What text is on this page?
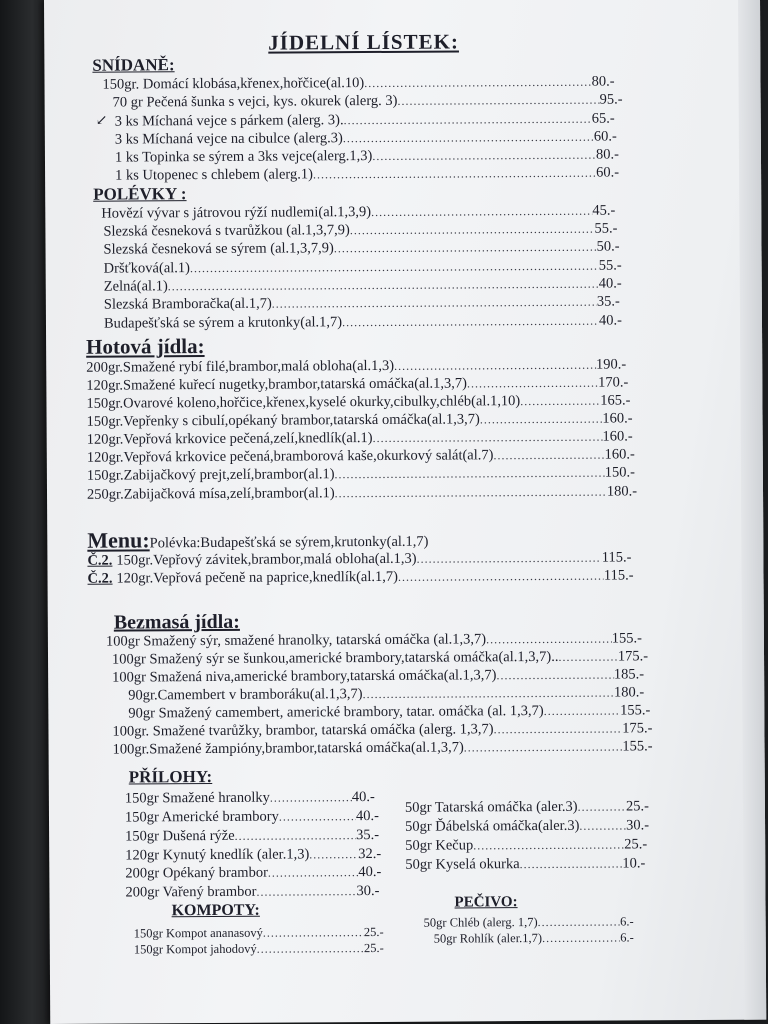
JÍDELNÍ LÍSTEK:
SNÍDANĚ:
↙
150gr. Domácí klobása,křenex,hořčice(al.10) .....	80.-
70 gr Pečená šunka s vejci, kys. okurek (alerg. 3) .....	95.-
3 ks Míchaná vejce s párkem (alerg. 3). .....	65.-
3 ks Míchaná vejce na cibulce (alerg.3) .....	60.-
1 ks Topinka se sýrem a 3ks vejce(alerg.1,3) .....	80.-
1 ks Utopenec s chlebem (alerg.1) .....	60.-
POLÉVKY :
Hovězí vývar s játrovou rýží nudlemi(al.1,3,9) .....	45.-
Slezská česneková s tvarůžkou (al.1,3,7,9) .....	55.-
Slezská česneková se sýrem (al.1,3,7,9) .....	50.-
Dršťková(al.1) .....	55.-
Zelná(al.1) .....	40.-
Slezská Bramboračka(al.1,7) .....	35.-
Budapešťská se sýrem a krutonky(al.1,7) .....	40.-
Hotová jídla:
200gr.Smažené rybí filé,brambor,malá obloha(al.1,3) .....	190.-
120gr.Smažené kuřecí nugetky,brambor,tatarská omáčka(al.1,3,7) .....	170.-
150gr.Ovarové koleno,hořčice,křenex,kyselé okurky,cibulky,chléb(al.1,10) .....	165.-
150gr.Vepřenky s cibulí,opékaný brambor,tatarská omáčka(al.1,3,7) .....	160.-
120gr.Vepřová krkovice pečená,zelí,knedlík(al.1) .....	160.-
120gr.Vepřová krkovice pečená,bramborová kaše,okurkový salát(al.7) .....	160.-
150gr.Zabijačkový prejt,zelí,brambor(al.1) .....	150.-
250gr.Zabijačková mísa,zelí,brambor(al.1) .....	180.-
Menu:Polévka:Budapešťská se sýrem,krutonky(al.1,7)
Č.2. 150gr.Vepřový závitek,brambor,malá obloha(al.1,3) .....	115.-
Č.2. 120gr.Vepřová pečeně na paprice,knedlík(al.1,7) .....	115.-
Bezmasá jídla:
100gr Smažený sýr, smažené hranolky, tatarská omáčka (al.1,3,7) .....	155.-
100gr Smažený sýr se šunkou,americké brambory,tatarská omáčka(al.1,3,7).. .....	175.-
100gr Smažená niva,americké brambory,tatarská omáčka(al.1,3,7) .....	185.-
90gr.Camembert v bramboráku(al.1,3,7) .....	180.-
90gr Smažený camembert, americké brambory, tatar. omáčka (al. 1,3,7) .....	155.-
100gr. Smažené tvarůžky, brambor, tatarská omáčka (alerg. 1,3,7) .....	175.-
100gr.Smažené žampióny,brambor,tatarská omáčka(al.1,3,7) .....	155.-
PŘÍLOHY:
150gr Smažené hranolky .....	40.-
150gr Americké brambory .....	40.-
150gr Dušená rýže .....	35.-
120gr Kynutý knedlík (aler.1,3) .....	32.-
200gr Opékaný brambor .....	40.-
200gr Vařený brambor .....	30.-
50gr Tatarská omáčka (aler.3) .....	25.-
50gr Ďábelská omáčka(aler.3) .....	30.-
50gr Kečup .....	25.-
50gr Kyselá okurka .....	10.-
KOMPOTY:
150gr Kompot ananasový .....	25.-
150gr Kompot jahodový .....	25.-
PEČIVO:
50gr Chléb (alerg. 1,7) .....	6.-
50gr Rohlík (aler.1,7) .....	6.-
